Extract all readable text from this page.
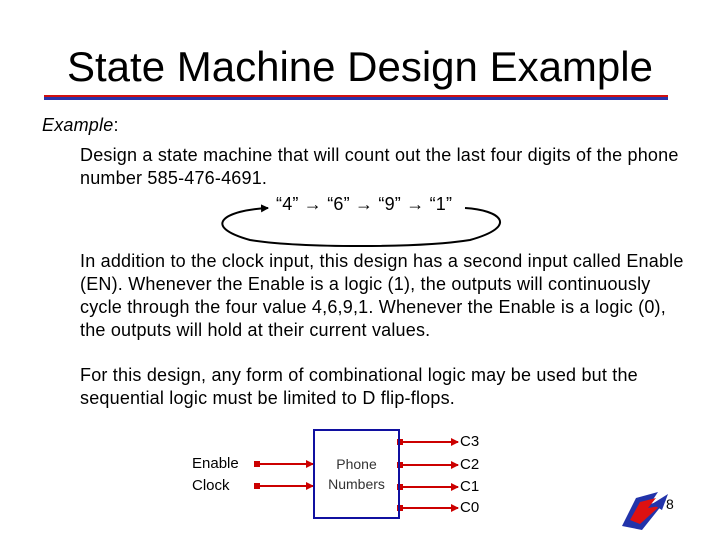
State Machine Design Example
Example:
Design a state machine that will count out the last four digits of the phone number 585-476-4691.
“4” → “6” → “9” → “1”
In addition to the clock input, this design has a second input called Enable (EN). Whenever the Enable is a logic (1), the outputs will continuously cycle through the four value 4,6,9,1. Whenever the Enable is a logic (0), the outputs will hold at their current values.
For this design, any form of combinational logic may be used but the sequential logic must be limited to D flip-flops.
Phone Numbers
Enable
Clock
C3
C2
C1
C0	8
